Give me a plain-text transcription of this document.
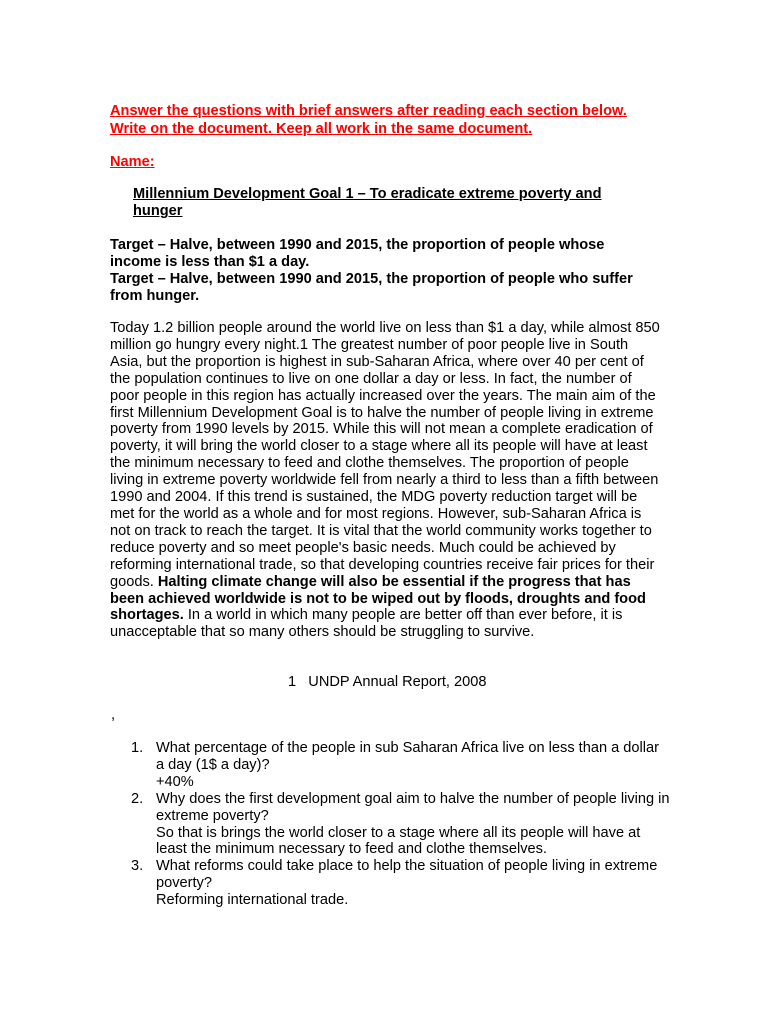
Answer the questions with brief answers after reading each section below. Write on the document. Keep all work in the same document.
Name:
Millennium Development Goal 1 – To eradicate extreme poverty and hunger

Target – Halve, between 1990 and 2015, the proportion of people whose income is less than $1 a day.

Target – Halve, between 1990 and 2015, the proportion of people who suffer from hunger.

Today 1.2 billion people around the world live on less than $1 a day, while almost 850 million go hungry every night.1 The greatest number of poor people live in South Asia, but the proportion is highest in sub-Saharan Africa, where over 40 per cent of the population continues to live on one dollar a day or less. In fact, the number of poor people in this region has actually increased over the years. The main aim of the first Millennium Development Goal is to halve the number of people living in extreme poverty from 1990 levels by 2015. While this will not mean a complete eradication of poverty, it will bring the world closer to a stage where all its people will have at least the minimum necessary to feed and clothe themselves. The proportion of people living in extreme poverty worldwide fell from nearly a third to less than a fifth between 1990 and 2004. If this trend is sustained, the MDG poverty reduction target will be met for the world as a whole and for most regions. However, sub-Saharan Africa is not on track to reach the target. It is vital that the world community works together to reduce poverty and so meet people's basic needs. Much could be achieved by reforming international trade, so that developing countries receive fair prices for their goods. Halting climate change will also be essential if the progress that has been achieved worldwide is not to be wiped out by floods, droughts and food shortages. In a world in which many people are better off than ever before, it is unacceptable that so many others should be struggling to survive.
1   UNDP Annual Report, 2008
,
1. What percentage of the people in sub Saharan Africa live on less than a dollar a day (1$ a day)?
+40%
2. Why does the first development goal aim to halve the number of people living in extreme poverty?
So that is brings the world closer to a stage where all its people will have at least the minimum necessary to feed and clothe themselves.
3. What reforms could take place to help the situation of people living in extreme poverty?
Reforming international trade.
